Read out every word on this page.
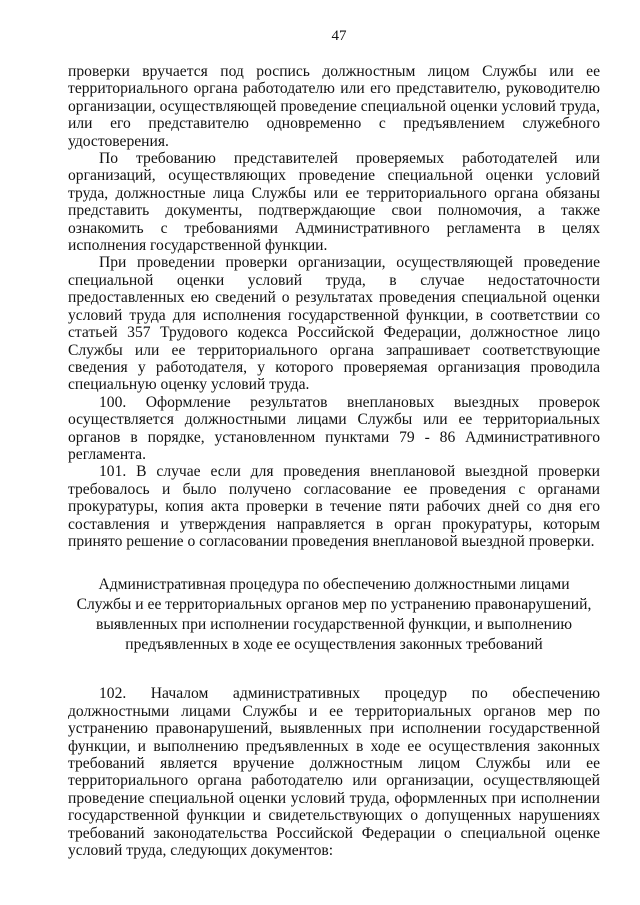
47

проверки вручается под роспись должностным лицом Службы или ее территориального органа работодателю или его представителю, руководителю организации, осуществляющей проведение специальной оценки условий труда, или его представителю одновременно с предъявлением служебного удостоверения.

По требованию представителей проверяемых работодателей или организаций, осуществляющих проведение специальной оценки условий труда, должностные лица Службы или ее территориального органа обязаны представить документы, подтверждающие свои полномочия, а также ознакомить с требованиями Административного регламента в целях исполнения государственной функции.

При проведении проверки организации, осуществляющей проведение специальной оценки условий труда, в случае недостаточности предоставленных ею сведений о результатах проведения специальной оценки условий труда для исполнения государственной функции, в соответствии со статьей 357 Трудового кодекса Российской Федерации, должностное лицо Службы или ее территориального органа запрашивает соответствующие сведения у работодателя, у которого проверяемая организация проводила специальную оценку условий труда.

100. Оформление результатов внеплановых выездных проверок осуществляется должностными лицами Службы или ее территориальных органов в порядке, установленном пунктами 79 - 86 Административного регламента.

101. В случае если для проведения внеплановой выездной проверки требовалось и было получено согласование ее проведения с органами прокуратуры, копия акта проверки в течение пяти рабочих дней со дня его составления и утверждения направляется в орган прокуратуры, которым принято решение о согласовании проведения внеплановой выездной проверки.

Административная процедура по обеспечению должностными лицами
Службы и ее территориальных органов мер по устранению правонарушений,
выявленных при исполнении государственной функции, и выполнению
предъявленных в ходе ее осуществления законных требований

102. Началом административных процедур по обеспечению должностными лицами Службы и ее территориальных органов мер по устранению правонарушений, выявленных при исполнении государственной функции, и выполнению предъявленных в ходе ее осуществления законных требований является вручение должностным лицом Службы или ее территориального органа работодателю или организации, осуществляющей проведение специальной оценки условий труда, оформленных при исполнении государственной функции и свидетельствующих о допущенных нарушениях требований законодательства Российской Федерации о специальной оценке условий труда, следующих документов:
